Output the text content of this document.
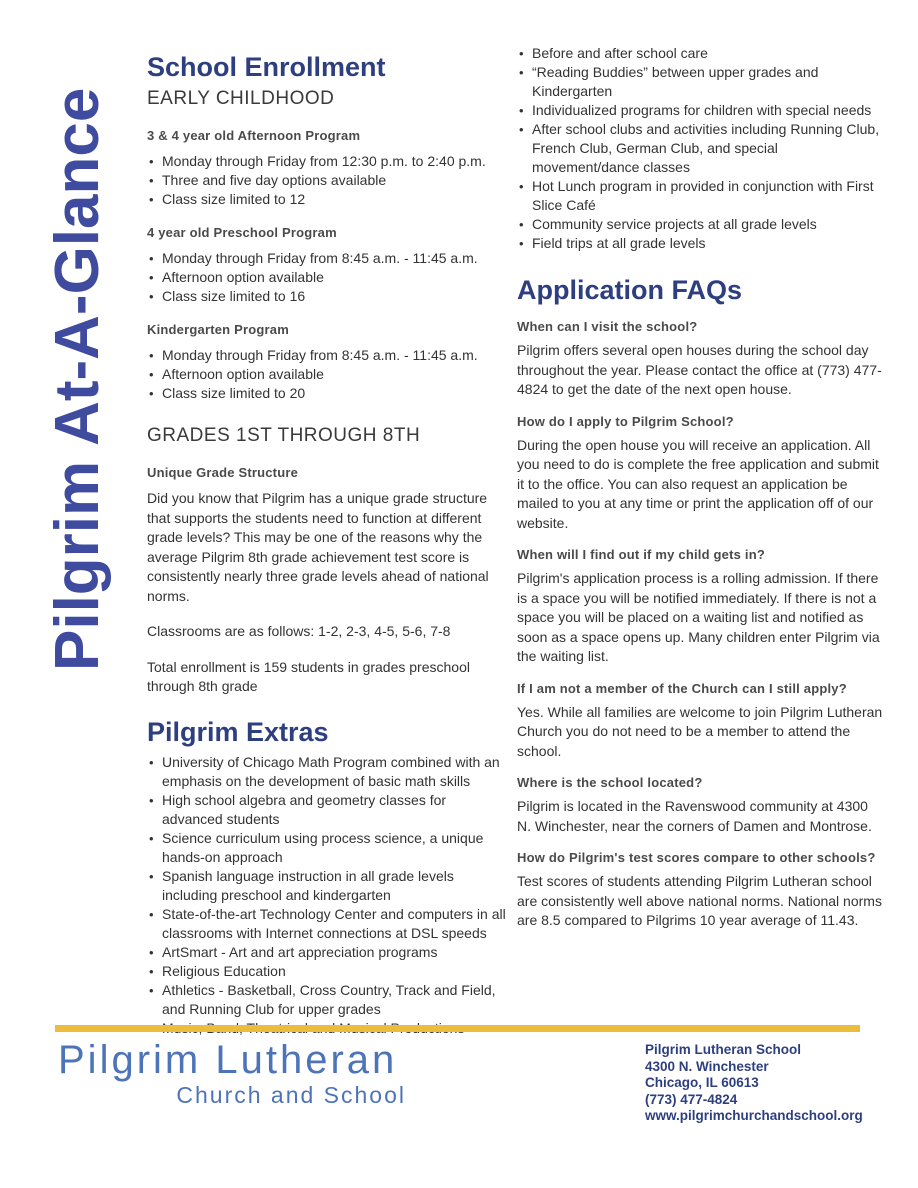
Pilgrim At-A-Glance
School Enrollment
EARLY CHILDHOOD
3 & 4 year old Afternoon Program
• Monday through Friday from 12:30 p.m. to 2:40 p.m.
• Three and five day options available
• Class size limited to 12
4 year old Preschool Program
• Monday through Friday from 8:45 a.m. - 11:45 a.m.
• Afternoon option available
• Class size limited to 16
Kindergarten Program
• Monday through Friday from 8:45 a.m. - 11:45 a.m.
• Afternoon option available
• Class size limited to 20
GRADES 1ST THROUGH 8TH
Unique Grade Structure

Did you know that Pilgrim has a unique grade structure that supports the students need to function at different grade levels? This may be one of the reasons why the average Pilgrim 8th grade achievement test score is consistently nearly three grade levels ahead of national norms.

Classrooms are as follows: 1-2, 2-3, 4-5, 5-6, 7-8

Total enrollment is 159 students in grades preschool through 8th grade

Pilgrim Extras
• University of Chicago Math Program combined with an emphasis on the development of basic math skills
• High school algebra and geometry classes for advanced students
• Science curriculum using process science, a unique hands-on approach
• Spanish language instruction in all grade levels including preschool and kindergarten
• State-of-the-art Technology Center and computers in all classrooms with Internet connections at DSL speeds
• ArtSmart - Art and art appreciation programs
• Religious Education
• Athletics - Basketball, Cross Country, Track and Field, and Running Club for upper grades
•
• Before and after school care
• “Reading Buddies” between upper grades and Kindergarten
• Individualized programs for children with special needs
• After school clubs and activities including Running Club, French Club, German Club, and special movement/dance classes
• Hot Lunch program in provided in conjunction with First Slice Café
• Community service projects at all grade levels
• Field trips at all grade levels
Application FAQs
When can I visit the school?
Pilgrim offers several open houses during the school day throughout the year. Please contact the office at (773) 477-4824 to get the date of the next open house.
How do I apply to Pilgrim School?
During the open house you will receive an application. All you need to do is complete the free application and submit it to the office. You can also request an application be mailed to you at any time or print the application off of our website.
When will I find out if my child gets in?
Pilgrim's application process is a rolling admission. If there is a space you will be notified immediately. If there is not a space you will be placed on a waiting list and notified as soon as a space opens up. Many children enter Pilgrim via the waiting list.
If I am not a member of the Church can I still apply?
Yes. While all families are welcome to join Pilgrim Lutheran Church you do not need to be a member to attend the school.
Where is the school located?
Pilgrim is located in the Ravenswood community at 4300 N. Winchester, near the corners of Damen and Montrose.
How do Pilgrim's test scores compare to other schools?
Test scores of students attending Pilgrim Lutheran school are consistently well above national norms. National norms are 8.5 compared to Pilgrims 10 year average of 11.43.
Pilgrim Lutheran
Church and School
Pilgrim Lutheran School
4300 N. Winchester
Chicago, IL 60613
(773) 477-4824
www.pilgrimchurchandschool.org
